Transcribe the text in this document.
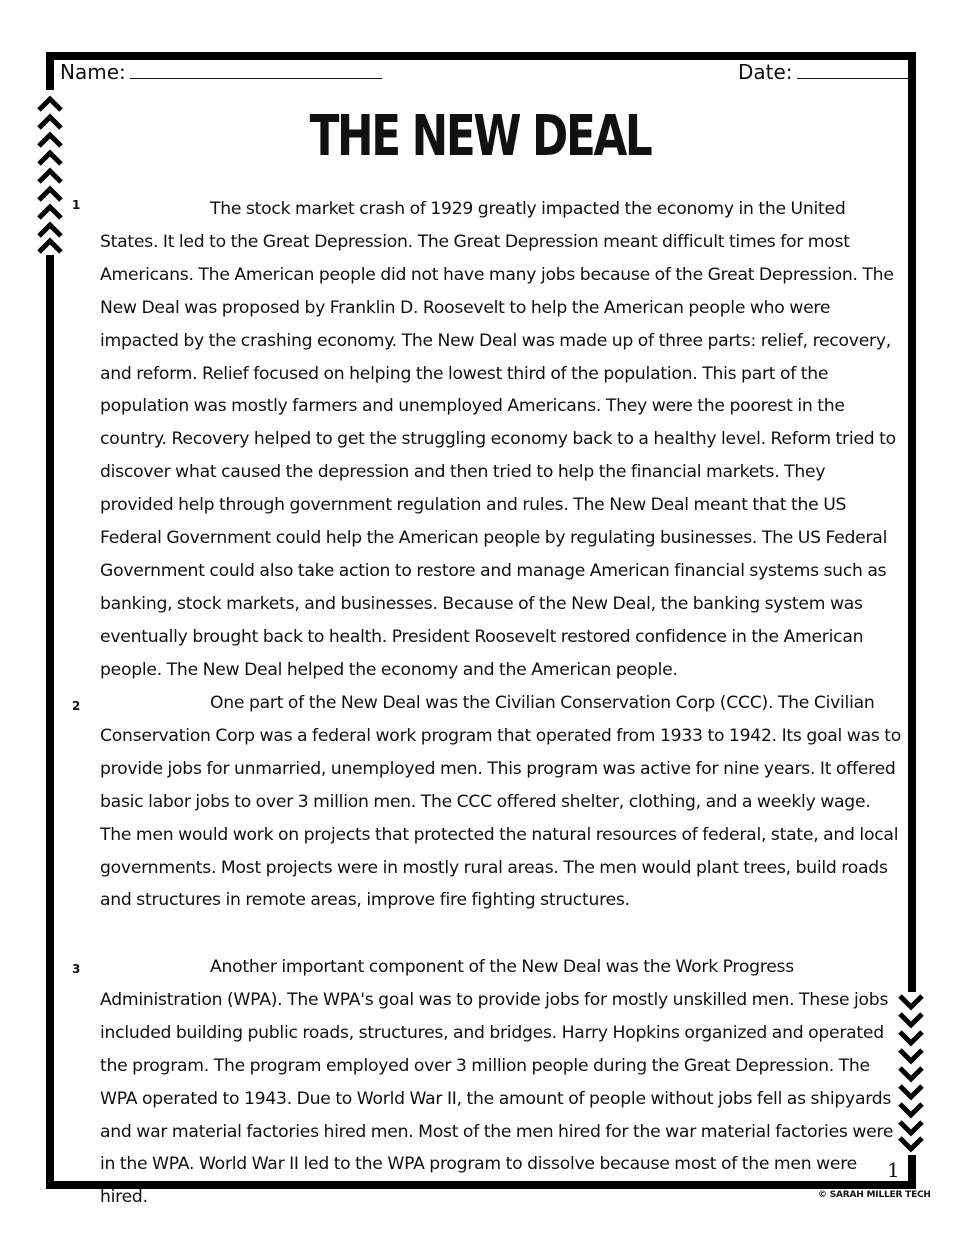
Name:	Date:
THE NEW DEAL
1	The stock market crash of 1929 greatly impacted the economy in the United States. It led to the Great Depression. The Great Depression meant difficult times for most Americans. The American people did not have many jobs because of the Great Depression. The New Deal was proposed by Franklin D. Roosevelt to help the American people who were impacted by the crashing economy. The New Deal was made up of three parts: relief, recovery, and reform. Relief focused on helping the lowest third of the population. This part of the population was mostly farmers and unemployed Americans. They were the poorest in the country. Recovery helped to get the struggling economy back to a healthy level. Reform tried to discover what caused the depression and then tried to help the financial markets. They provided help through government regulation and rules. The New Deal meant that the US Federal Government could help the American people by regulating businesses. The US Federal Government could also take action to restore and manage American financial systems such as banking, stock markets, and businesses. Because of the New Deal, the banking system was eventually brought back to health. President Roosevelt restored confidence in the American people. The New Deal helped the economy and the American people.
2	One part of the New Deal was the Civilian Conservation Corp (CCC). The Civilian Conservation Corp was a federal work program that operated from 1933 to 1942. Its goal was to provide jobs for unmarried, unemployed men. This program was active for nine years. It offered basic labor jobs to over 3 million men. The CCC offered shelter, clothing, and a weekly wage. The men would work on projects that protected the natural resources of federal, state, and local governments. Most projects were in mostly rural areas. The men would plant trees, build roads and structures in remote areas, improve fire fighting structures.
3	Another important component of the New Deal was the Work Progress Administration (WPA). The WPA's goal was to provide jobs for mostly unskilled men. These jobs included building public roads, structures, and bridges. Harry Hopkins organized and operated the program. The program employed over 3 million people during the Great Depression. The WPA operated to 1943. Due to World War II, the amount of people without jobs fell as shipyards and war material factories hired men. Most of the men hired for the war material factories were in the WPA. World War II led to the WPA program to dissolve because most of the men were hired.
1
© SARAH MILLER TECH
